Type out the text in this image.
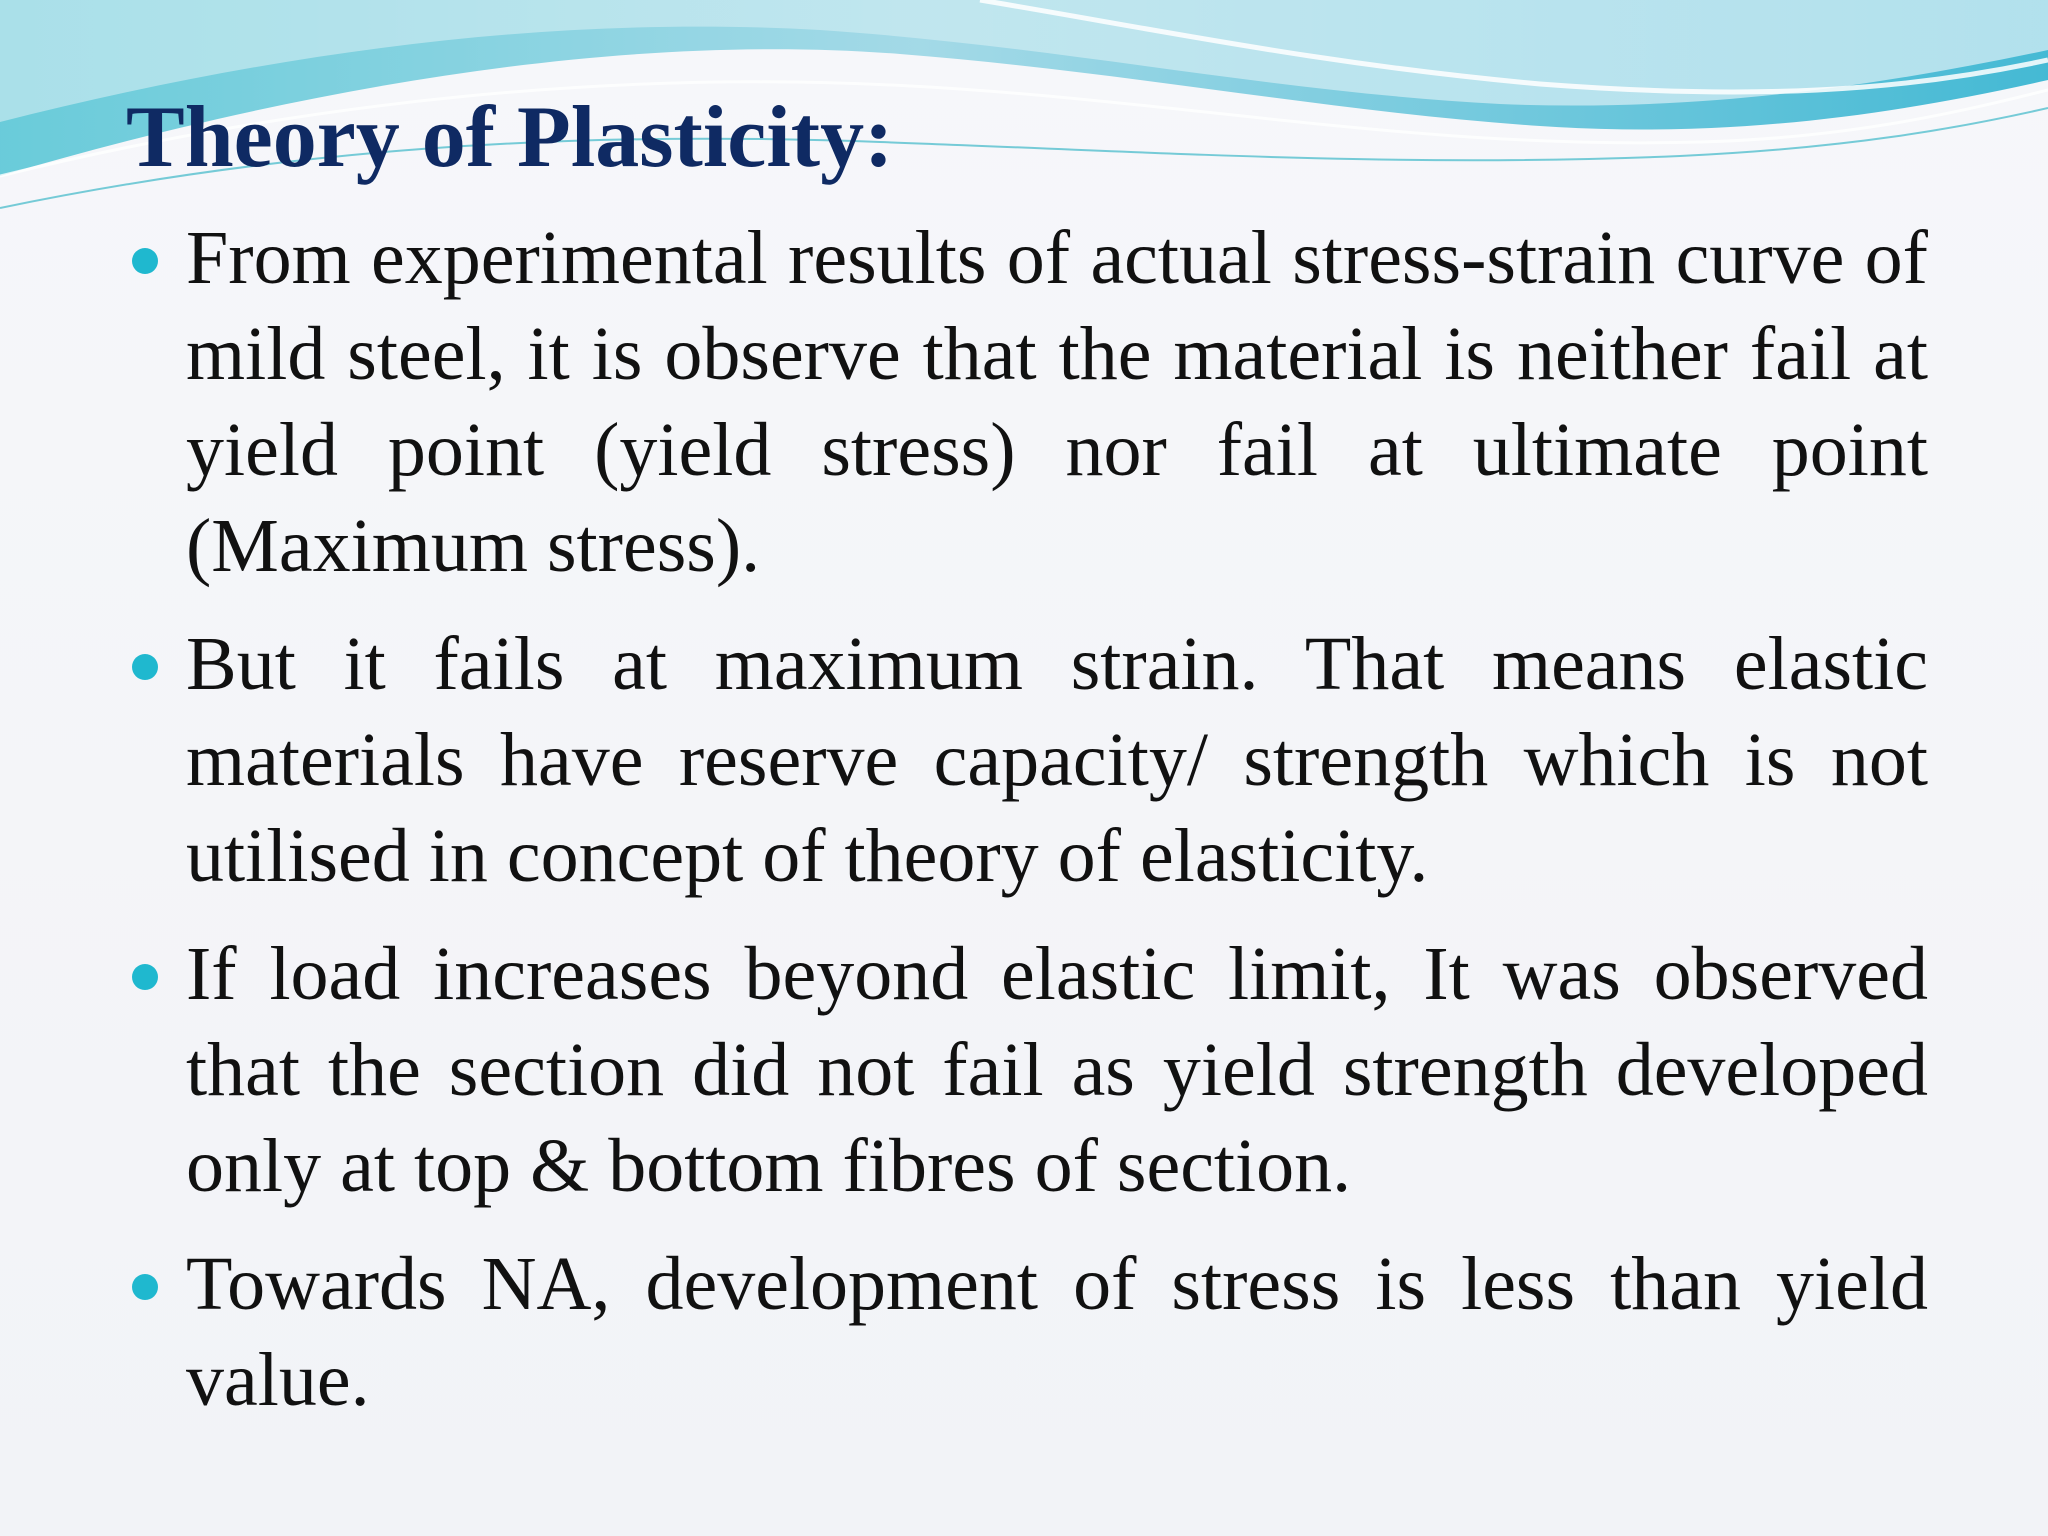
Theory of Plasticity:
From experimental results of actual stress-strain curve of mild steel, it is observe that the material is neither fail at yield point (yield stress) nor fail at ultimate point (Maximum stress).
But it fails at maximum strain. That means elastic materials have reserve capacity/ strength which is not utilised in concept of theory of elasticity.
If load increases beyond elastic limit, It was observed that the section did not fail as yield strength developed only at top & bottom fibres of section.
Towards NA, development of stress is less than yield value.
